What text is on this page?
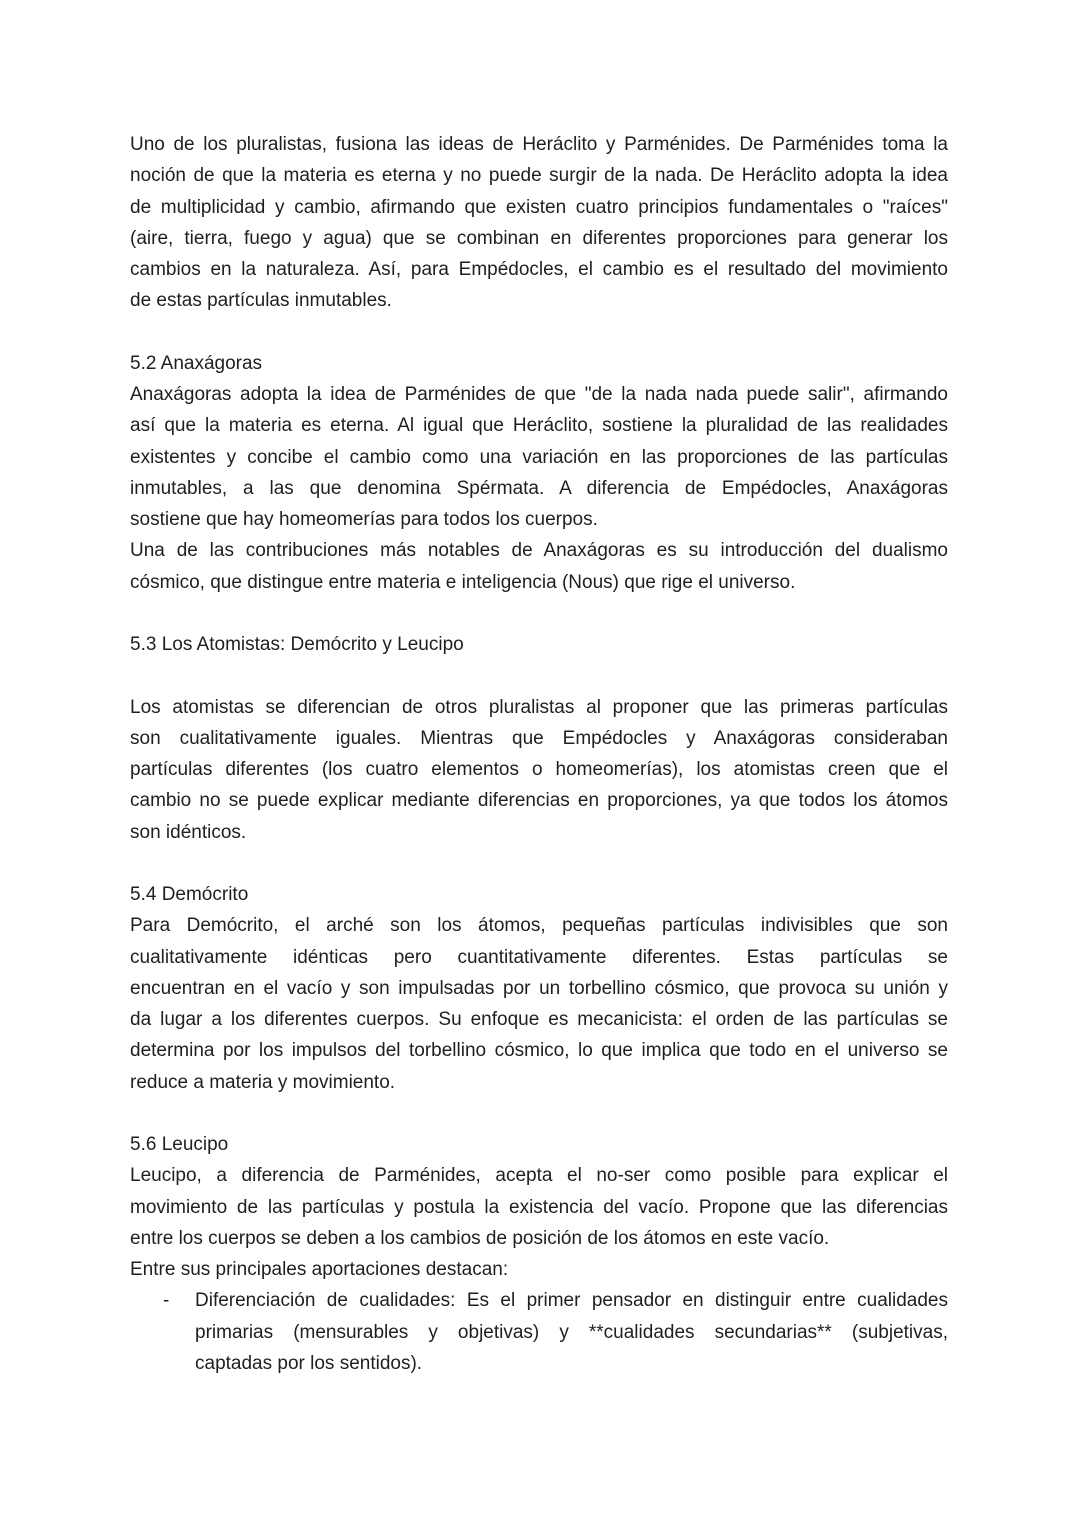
Uno de los pluralistas, fusiona las ideas de Heráclito y Parménides. De Parménides toma la
noción de que la materia es eterna y no puede surgir de la nada. De Heráclito adopta la idea
de multiplicidad y cambio, afirmando que existen cuatro principios fundamentales o "raíces"
(aire, tierra, fuego y agua) que se combinan en diferentes proporciones para generar los
cambios en la naturaleza. Así, para Empédocles, el cambio es el resultado del movimiento
de estas partículas inmutables.
5.2 Anaxágoras
Anaxágoras adopta la idea de Parménides de que "de la nada nada puede salir", afirmando
así que la materia es eterna. Al igual que Heráclito, sostiene la pluralidad de las realidades
existentes y concibe el cambio como una variación en las proporciones de las partículas
inmutables, a las que denomina Spérmata. A diferencia de Empédocles, Anaxágoras
sostiene que hay homeomerías para todos los cuerpos.
Una de las contribuciones más notables de Anaxágoras es su introducción del dualismo
cósmico, que distingue entre materia e inteligencia (Nous) que rige el universo.
5.3 Los Atomistas: Demócrito y Leucipo
Los atomistas se diferencian de otros pluralistas al proponer que las primeras partículas
son cualitativamente iguales. Mientras que Empédocles y Anaxágoras consideraban
partículas diferentes (los cuatro elementos o homeomerías), los atomistas creen que el
cambio no se puede explicar mediante diferencias en proporciones, ya que todos los átomos
son idénticos.
5.4 Demócrito
Para Demócrito, el arché son los átomos, pequeñas partículas indivisibles que son
cualitativamente idénticas pero cuantitativamente diferentes. Estas partículas se
encuentran en el vacío y son impulsadas por un torbellino cósmico, que provoca su unión y
da lugar a los diferentes cuerpos. Su enfoque es mecanicista: el orden de las partículas se
determina por los impulsos del torbellino cósmico, lo que implica que todo en el universo se
reduce a materia y movimiento.
5.6 Leucipo
Leucipo, a diferencia de Parménides, acepta el no-ser como posible para explicar el
movimiento de las partículas y postula la existencia del vacío. Propone que las diferencias
entre los cuerpos se deben a los cambios de posición de los átomos en este vacío.
Entre sus principales aportaciones destacan:
- Diferenciación de cualidades: Es el primer pensador en distinguir entre cualidades
primarias (mensurables y objetivas) y **cualidades secundarias** (subjetivas,
captadas por los sentidos).
